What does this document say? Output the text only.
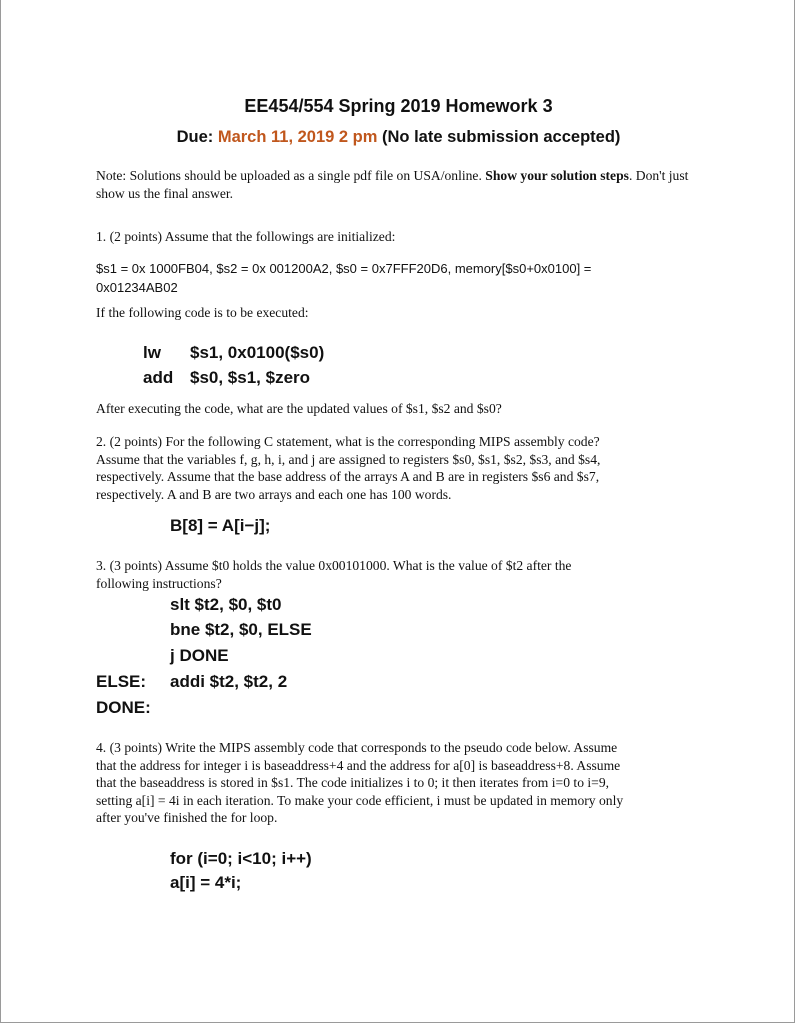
EE454/554 Spring 2019 Homework 3
Due: March 11, 2019 2 pm (No late submission accepted)
Note: Solutions should be uploaded as a single pdf file on USA/online. Show your solution steps. Don't just show us the final answer.
1. (2 points) Assume that the followings are initialized:
$s1 = 0x 1000FB04, $s2 = 0x 001200A2, $s0 = 0x7FFF20D6, memory[$s0+0x0100] =
0x01234AB02
If the following code is to be executed:
lw $s1, 0x0100($s0)
add $s0, $s1, $zero
After executing the code, what are the updated values of $s1, $s2 and $s0?
2. (2 points) For the following C statement, what is the corresponding MIPS assembly code?
Assume that the variables f, g, h, i, and j are assigned to registers $s0, $s1, $s2, $s3, and $s4,
respectively. Assume that the base address of the arrays A and B are in registers $s6 and $s7,
respectively. A and B are two arrays and each one has 100 words.
B[8] = A[i−j];
3. (3 points) Assume $t0 holds the value 0x00101000. What is the value of $t2 after the
following instructions?
slt $t2, $0, $t0
bne $t2, $0, ELSE
j DONE
ELSE: addi $t2, $t2, 2
DONE:
4. (3 points) Write the MIPS assembly code that corresponds to the pseudo code below. Assume
that the address for integer i is baseaddress+4 and the address for a[0] is baseaddress+8. Assume
that the baseaddress is stored in $s1. The code initializes i to 0; it then iterates from i=0 to i=9,
setting a[i] = 4i in each iteration. To make your code efficient, i must be updated in memory only
after you've finished the for loop.
for (i=0; i<10; i++)
a[i] = 4*i;
